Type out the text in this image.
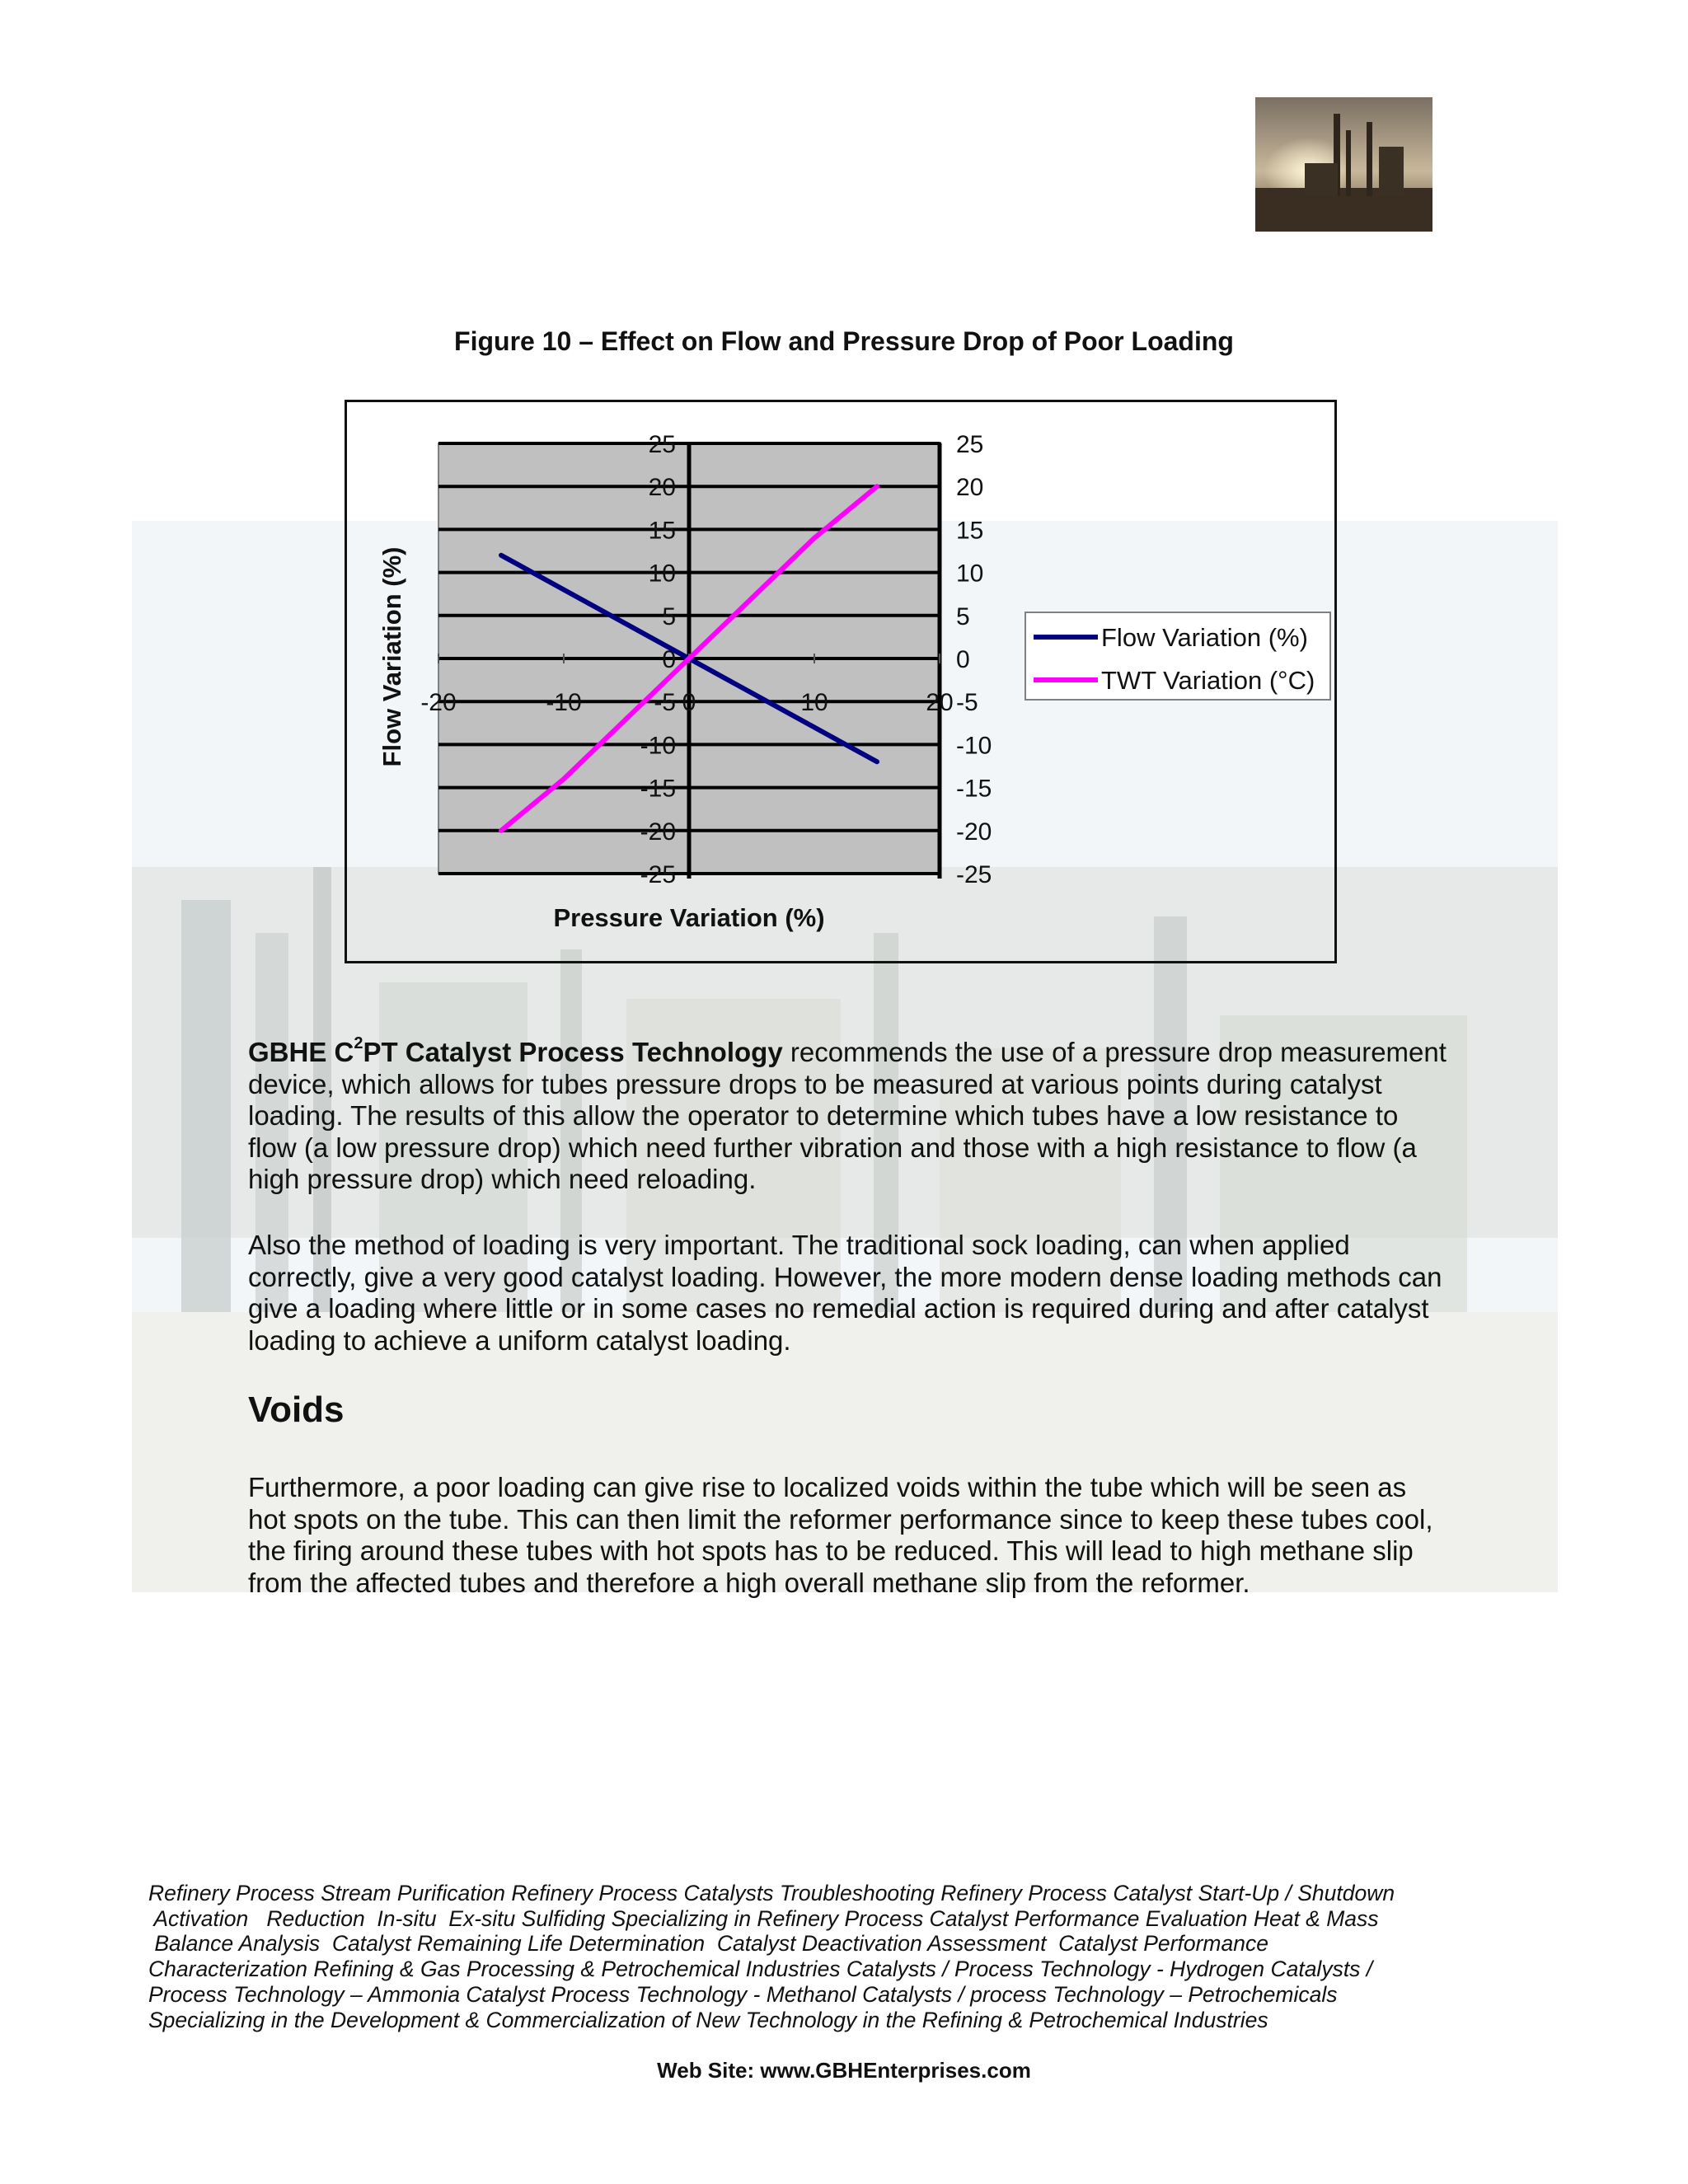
Figure 10 – Effect on Flow and Pressure Drop of Poor Loading
25	25
20	20
15	15
10	10
5	5
0	0
-5	-5
-10	-10
-15	-15
-20	-20
-25	-25
-20	-10	0	10	20
Pressure Variation (%)
Flow Variation (%)	Flow Variation (%)
TWT Variation (°C)
GBHE $C^2PT$ Catalyst Process Technology recommends the use of a pressure drop measurement device, which allows for tubes pressure drops to be measured at various points during catalyst loading. The results of this allow the operator to determine which tubes have a low resistance to flow (a low pressure drop) which need further vibration and those with a high resistance to flow (a high pressure drop) which need reloading.
Also the method of loading is very important. The traditional sock loading, can when applied correctly, give a very good catalyst loading. However, the more modern dense loading methods can give a loading where little or in some cases no remedial action is required during and after catalyst loading to achieve a uniform catalyst loading.
Voids
Furthermore, a poor loading can give rise to localized voids within the tube which will be seen as hot spots on the tube. This can then limit the reformer performance since to keep these tubes cool, the firing around these tubes with hot spots has to be reduced. This will lead to high methane slip from the affected tubes and therefore a high overall methane slip from the reformer.
Refinery Process Stream Purification Refinery Process Catalysts Troubleshooting Refinery Process Catalyst Start-Up / Shutdown
Activation   Reduction  In-situ  Ex-situ Sulfiding Specializing in Refinery Process Catalyst Performance Evaluation Heat & Mass
Balance Analysis  Catalyst Remaining Life Determination  Catalyst Deactivation Assessment  Catalyst Performance
Characterization Refining & Gas Processing & Petrochemical Industries Catalysts / Process Technology - Hydrogen Catalysts /
Process Technology – Ammonia Catalyst Process Technology - Methanol Catalysts / process Technology – Petrochemicals
Specializing in the Development & Commercialization of New Technology in the Refining & Petrochemical Industries
Web Site: www.GBHEnterprises.com
